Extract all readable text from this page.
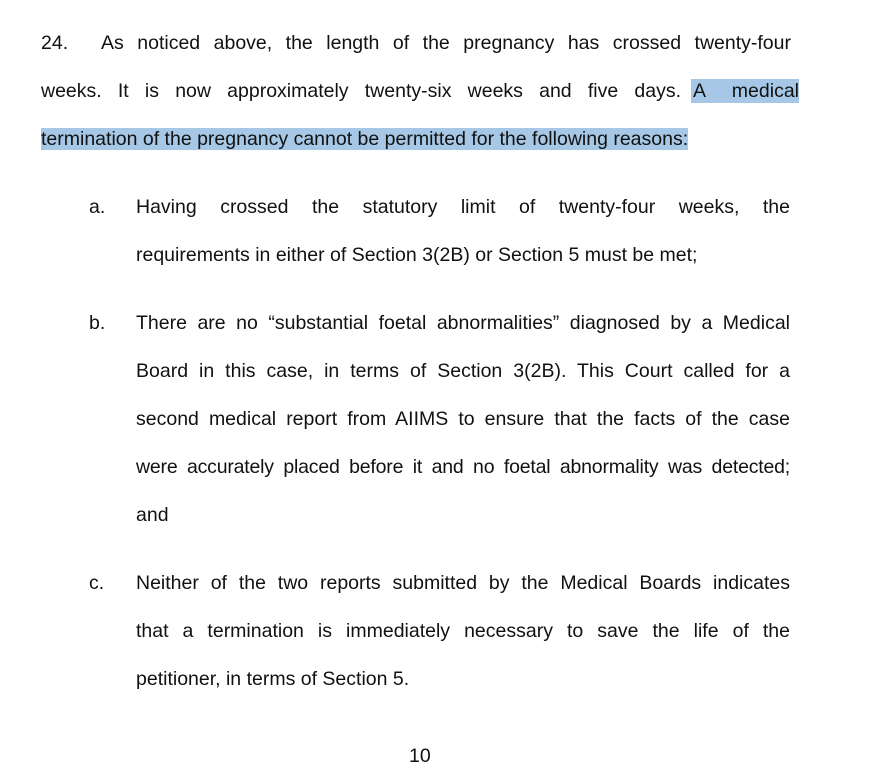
24. As noticed above, the length of the pregnancy has crossed twenty-four
weeks. It is now approximately twenty-six weeks and five days. A medical
termination of the pregnancy cannot be permitted for the following reasons:
a. Having crossed the statutory limit of twenty-four weeks, the
requirements in either of Section 3(2B) or Section 5 must be met;
b. There are no “substantial foetal abnormalities” diagnosed by a Medical
Board in this case, in terms of Section 3(2B). This Court called for a
second medical report from AIIMS to ensure that the facts of the case
were accurately placed before it and no foetal abnormality was detected;
and
c. Neither of the two reports submitted by the Medical Boards indicates
that a termination is immediately necessary to save the life of the
petitioner, in terms of Section 5.
10
